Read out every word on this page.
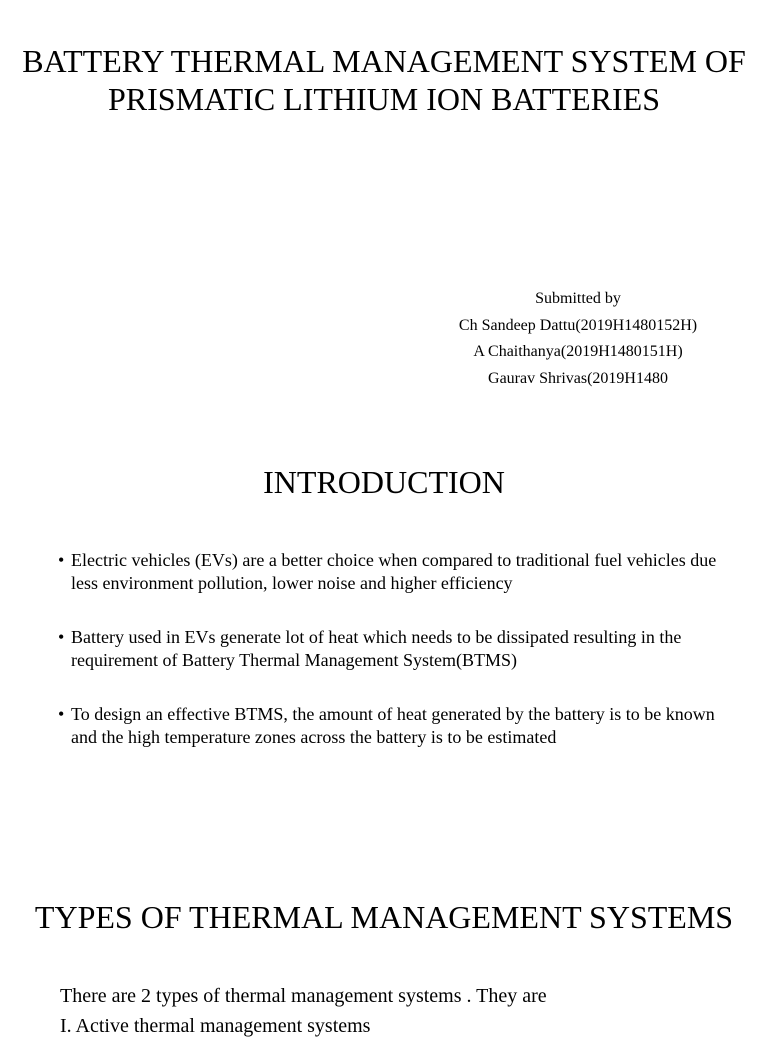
BATTERY THERMAL MANAGEMENT SYSTEM OF PRISMATIC LITHIUM ION BATTERIES
Submitted by
Ch Sandeep Dattu(2019H1480152H)
A Chaithanya(2019H1480151H)
Gaurav Shrivas(2019H1480
INTRODUCTION
• Electric vehicles (EVs) are a better choice when compared to traditional fuel vehicles due less environment pollution, lower noise and higher efficiency
• Battery used in EVs generate lot of heat which needs to be dissipated resulting in the requirement of Battery Thermal Management System(BTMS)
• To design an effective BTMS, the amount of heat generated by the battery is to be known and the high temperature zones across the battery is to be estimated
TYPES OF THERMAL MANAGEMENT SYSTEMS

There are 2 types of thermal management systems . They are

I. Active thermal management systems
